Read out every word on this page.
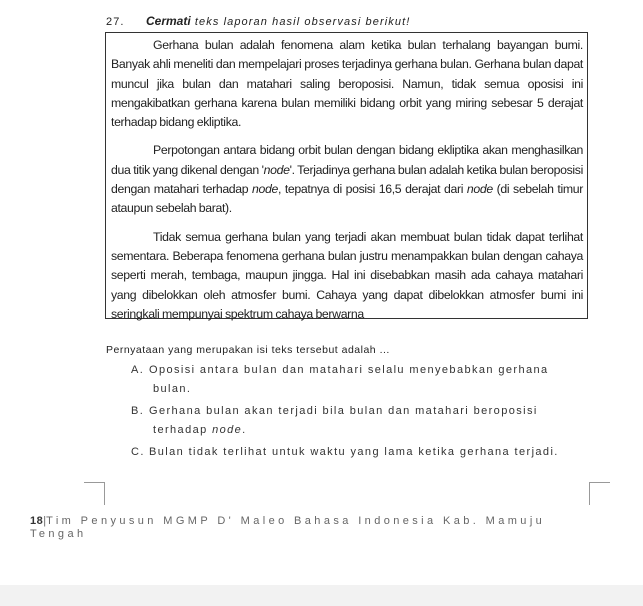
27. Cermati teks laporan hasil observasi berikut!

Gerhana bulan adalah fenomena alam ketika bulan terhalang bayangan bumi. Banyak ahli meneliti dan mempelajari proses terjadinya gerhana bulan. Gerhana bulan dapat muncul jika bulan dan matahari saling beroposisi. Namun, tidak semua oposisi ini mengakibatkan gerhana karena bulan memiliki bidang orbit yang miring sebesar 5 derajat terhadap bidang ekliptika.

Perpotongan antara bidang orbit bulan dengan bidang ekliptika akan menghasilkan dua titik yang dikenal dengan 'node'. Terjadinya gerhana bulan adalah ketika bulan beroposisi dengan matahari terhadap node, tepatnya di posisi 16,5 derajat dari node (di sebelah timur ataupun sebelah barat).

Tidak semua gerhana bulan yang terjadi akan membuat bulan tidak dapat terlihat sementara. Beberapa fenomena gerhana bulan justru menampakkan bulan dengan cahaya seperti merah, tembaga, maupun jingga. Hal ini disebabkan masih ada cahaya matahari yang dibelokkan oleh atmosfer bumi. Cahaya yang dapat dibelokkan atmosfer bumi ini seringkali mempunyai spektrum cahaya berwarna

Pernyataan yang merupakan isi teks tersebut adalah ...
A. Oposisi antara bulan dan matahari selalu menyebabkan gerhana
bulan.
B. Gerhana bulan akan terjadi bila bulan dan matahari beroposisi
terhadap node.
C. Bulan tidak terlihat untuk waktu yang lama ketika gerhana terjadi.
18|Tim Penyusun MGMP D' Maleo Bahasa Indonesia Kab. Mamuju Tengah
